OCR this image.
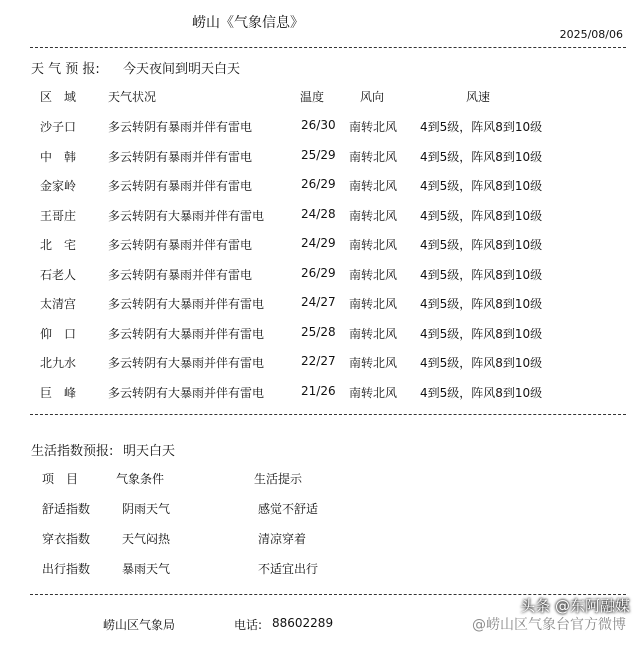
崂山《气象信息》
2025/08/06
天 气 预 报: 今天夜间到明天白天
区　域	天气状况	温度	风向	风速
沙子口	多云转阴有暴雨并伴有雷电	26/30 南转北风 4到5级，阵风8到10级
中　韩	多云转阴有暴雨并伴有雷电	25/29 南转北风 4到5级，阵风8到10级
金家岭	多云转阴有暴雨并伴有雷电	26/29 南转北风 4到5级，阵风8到10级
王哥庄	多云转阴有大暴雨并伴有雷电	24/28 南转北风 4到5级，阵风8到10级
北　宅	多云转阴有暴雨并伴有雷电	24/29 南转北风 4到5级，阵风8到10级
石老人	多云转阴有暴雨并伴有雷电	26/29 南转北风 4到5级，阵风8到10级
太清宫	多云转阴有大暴雨并伴有雷电	24/27 南转北风 4到5级，阵风8到10级
仰　口	多云转阴有大暴雨并伴有雷电	25/28 南转北风 4到5级，阵风8到10级
北九水	多云转阴有大暴雨并伴有雷电	22/27 南转北风 4到5级，阵风8到10级
巨　峰	多云转阴有大暴雨并伴有雷电	21/26 南转北风 4到5级，阵风8到10级
生活指数预报: 明天白天
项　目	气象条件	生活提示
舒适指数	阴雨天气	感觉不舒适
穿衣指数	天气闷热	清凉穿着
出行指数	暴雨天气	不适宜出行
崂山区气象局	电话: 88602289
头条 @东阿融媒
@崂山区气象台官方微博
